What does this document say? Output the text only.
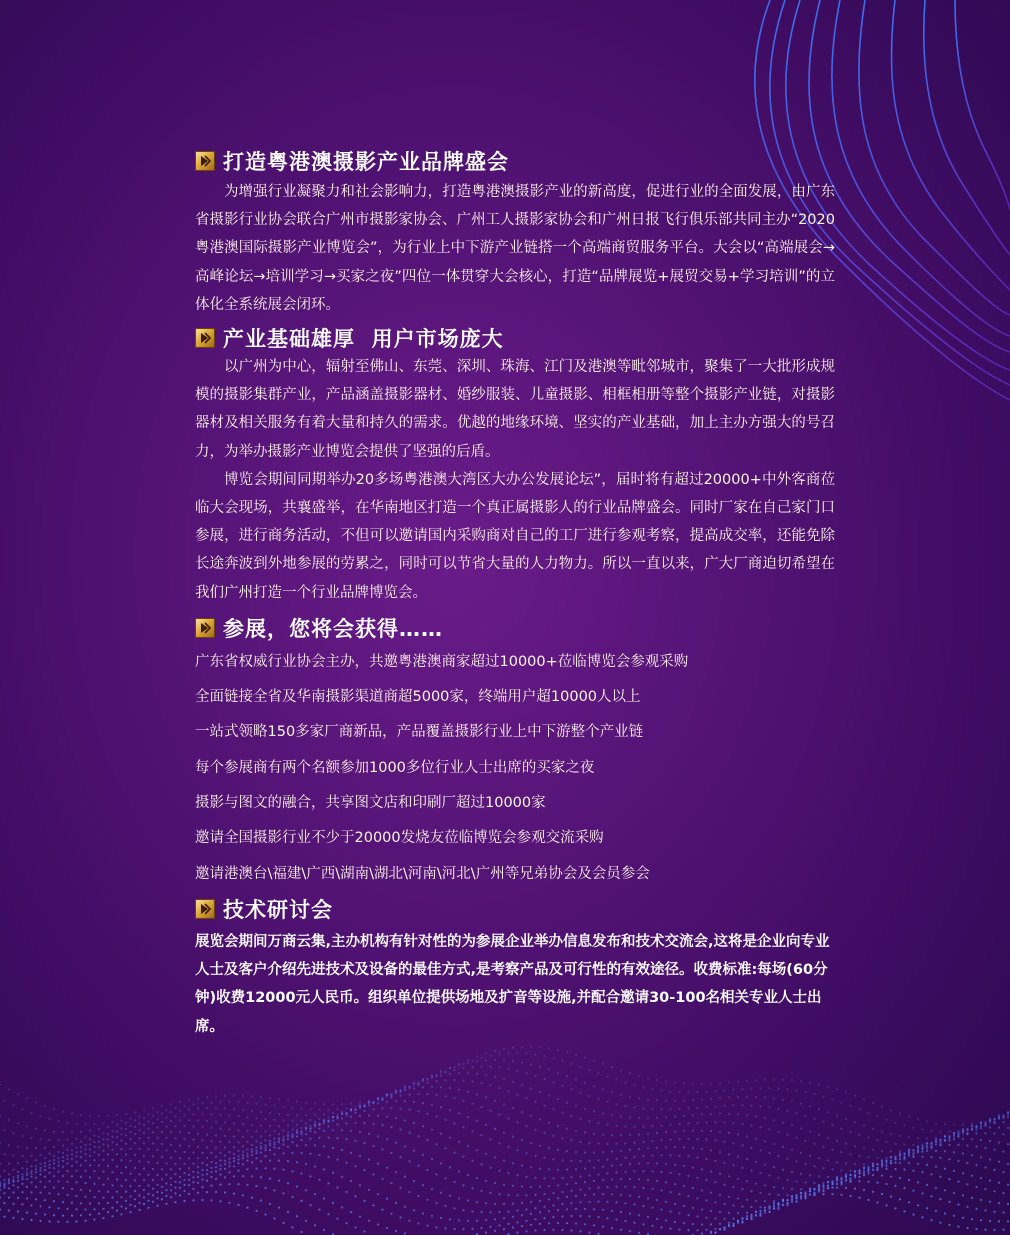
打造粤港澳摄影产业品牌盛会

为增强行业凝聚力和社会影响力，打造粤港澳摄影产业的新高度，促进行业的全面发展，由广东省摄影行业协会联合广州市摄影家协会、广州工人摄影家协会和广州日报飞行俱乐部共同主办“2020粤港澳国际摄影产业博览会”，为行业上中下游产业链搭一个高端商贸服务平台。大会以“高端展会→高峰论坛→培训学习→买家之夜”四位一体贯穿大会核心，打造“品牌展览+展贸交易+学习培训”的立体化全系统展会闭环。

产业基础雄厚  用户市场庞大

以广州为中心，辐射至佛山、东莞、深圳、珠海、江门及港澳等毗邻城市，聚集了一大批形成规模的摄影集群产业，产品涵盖摄影器材、婚纱服装、儿童摄影、相框相册等整个摄影产业链，对摄影器材及相关服务有着大量和持久的需求。优越的地缘环境、坚实的产业基础，加上主办方强大的号召力，为举办摄影产业博览会提供了坚强的后盾。

博览会期间同期举办20多场粤港澳大湾区大办公发展论坛”，届时将有超过20000+中外客商莅临大会现场，共襄盛举，在华南地区打造一个真正属摄影人的行业品牌盛会。同时厂家在自己家门口参展，进行商务活动，不但可以邀请国内采购商对自己的工厂进行参观考察，提高成交率，还能免除长途奔波到外地参展的劳累之，同时可以节省大量的人力物力。所以一直以来，广大厂商迫切希望在我们广州打造一个行业品牌博览会。

参展，您将会获得……
广东省权威行业协会主办，共邀粤港澳商家超过10000+莅临博览会参观采购
全面链接全省及华南摄影渠道商超5000家，终端用户超10000人以上
一站式领略150多家厂商新品，产品覆盖摄影行业上中下游整个产业链
每个参展商有两个名额参加1000多位行业人士出席的买家之夜
摄影与图文的融合，共享图文店和印刷厂超过10000家
邀请全国摄影行业不少于20000发烧友莅临博览会参观交流采购
邀请港澳台\福建\广西\湖南\湖北\河南\河北\广州等兄弟协会及会员参会
技术研讨会

展览会期间万商云集,主办机构有针对性的为参展企业举办信息发布和技术交流会,这将是企业向专业人士及客户介绍先进技术及设备的最佳方式,是考察产品及可行性的有效途径。收费标准:每场(60分钟)收费12000元人民币。组织单位提供场地及扩音等设施,并配合邀请30-100名相关专业人士出席。
